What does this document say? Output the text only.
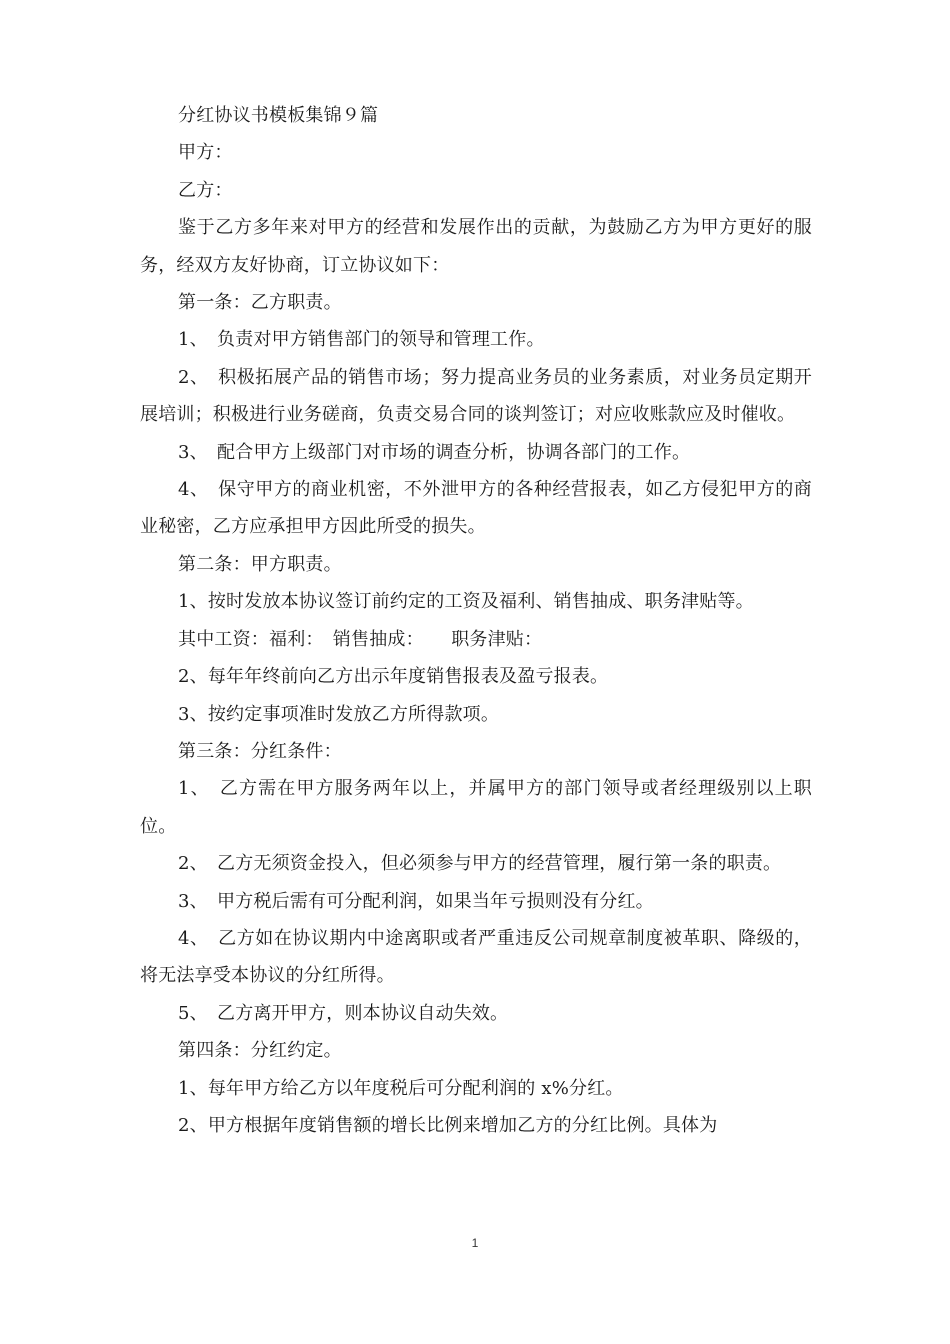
分红协议书模板集锦９篇

甲方：

乙方：

鉴于乙方多年来对甲方的经营和发展作出的贡献，为鼓励乙方为甲方更好的服务，经双方友好协商，订立协议如下：

第一条：乙方职责。

1、　负责对甲方销售部门的领导和管理工作。

2、　积极拓展产品的销售市场；努力提高业务员的业务素质，对业务员定期开展培训；积极进行业务磋商，负责交易合同的谈判签订；对应收账款应及时催收。

3、　配合甲方上级部门对市场的调查分析，协调各部门的工作。

4、　保守甲方的商业机密，不外泄甲方的各种经营报表，如乙方侵犯甲方的商业秘密，乙方应承担甲方因此所受的损失。

第二条：甲方职责。

1、按时发放本协议签订前约定的工资及福利、销售抽成、职务津贴等。

其中工资：福利：　销售抽成：　　职务津贴：

2、每年年终前向乙方出示年度销售报表及盈亏报表。

3、按约定事项准时发放乙方所得款项。

第三条：分红条件：

1、　乙方需在甲方服务两年以上，并属甲方的部门领导或者经理级别以上职位。

2、　乙方无须资金投入，但必须参与甲方的经营管理，履行第一条的职责。

3、　甲方税后需有可分配利润，如果当年亏损则没有分红。

4、　乙方如在协议期内中途离职或者严重违反公司规章制度被革职、降级的，将无法享受本协议的分红所得。

5、　乙方离开甲方，则本协议自动失效。

第四条：分红约定。

1、每年甲方给乙方以年度税后可分配利润的 x%分红。

2、甲方根据年度销售额的增长比例来增加乙方的分红比例。具体为

1
